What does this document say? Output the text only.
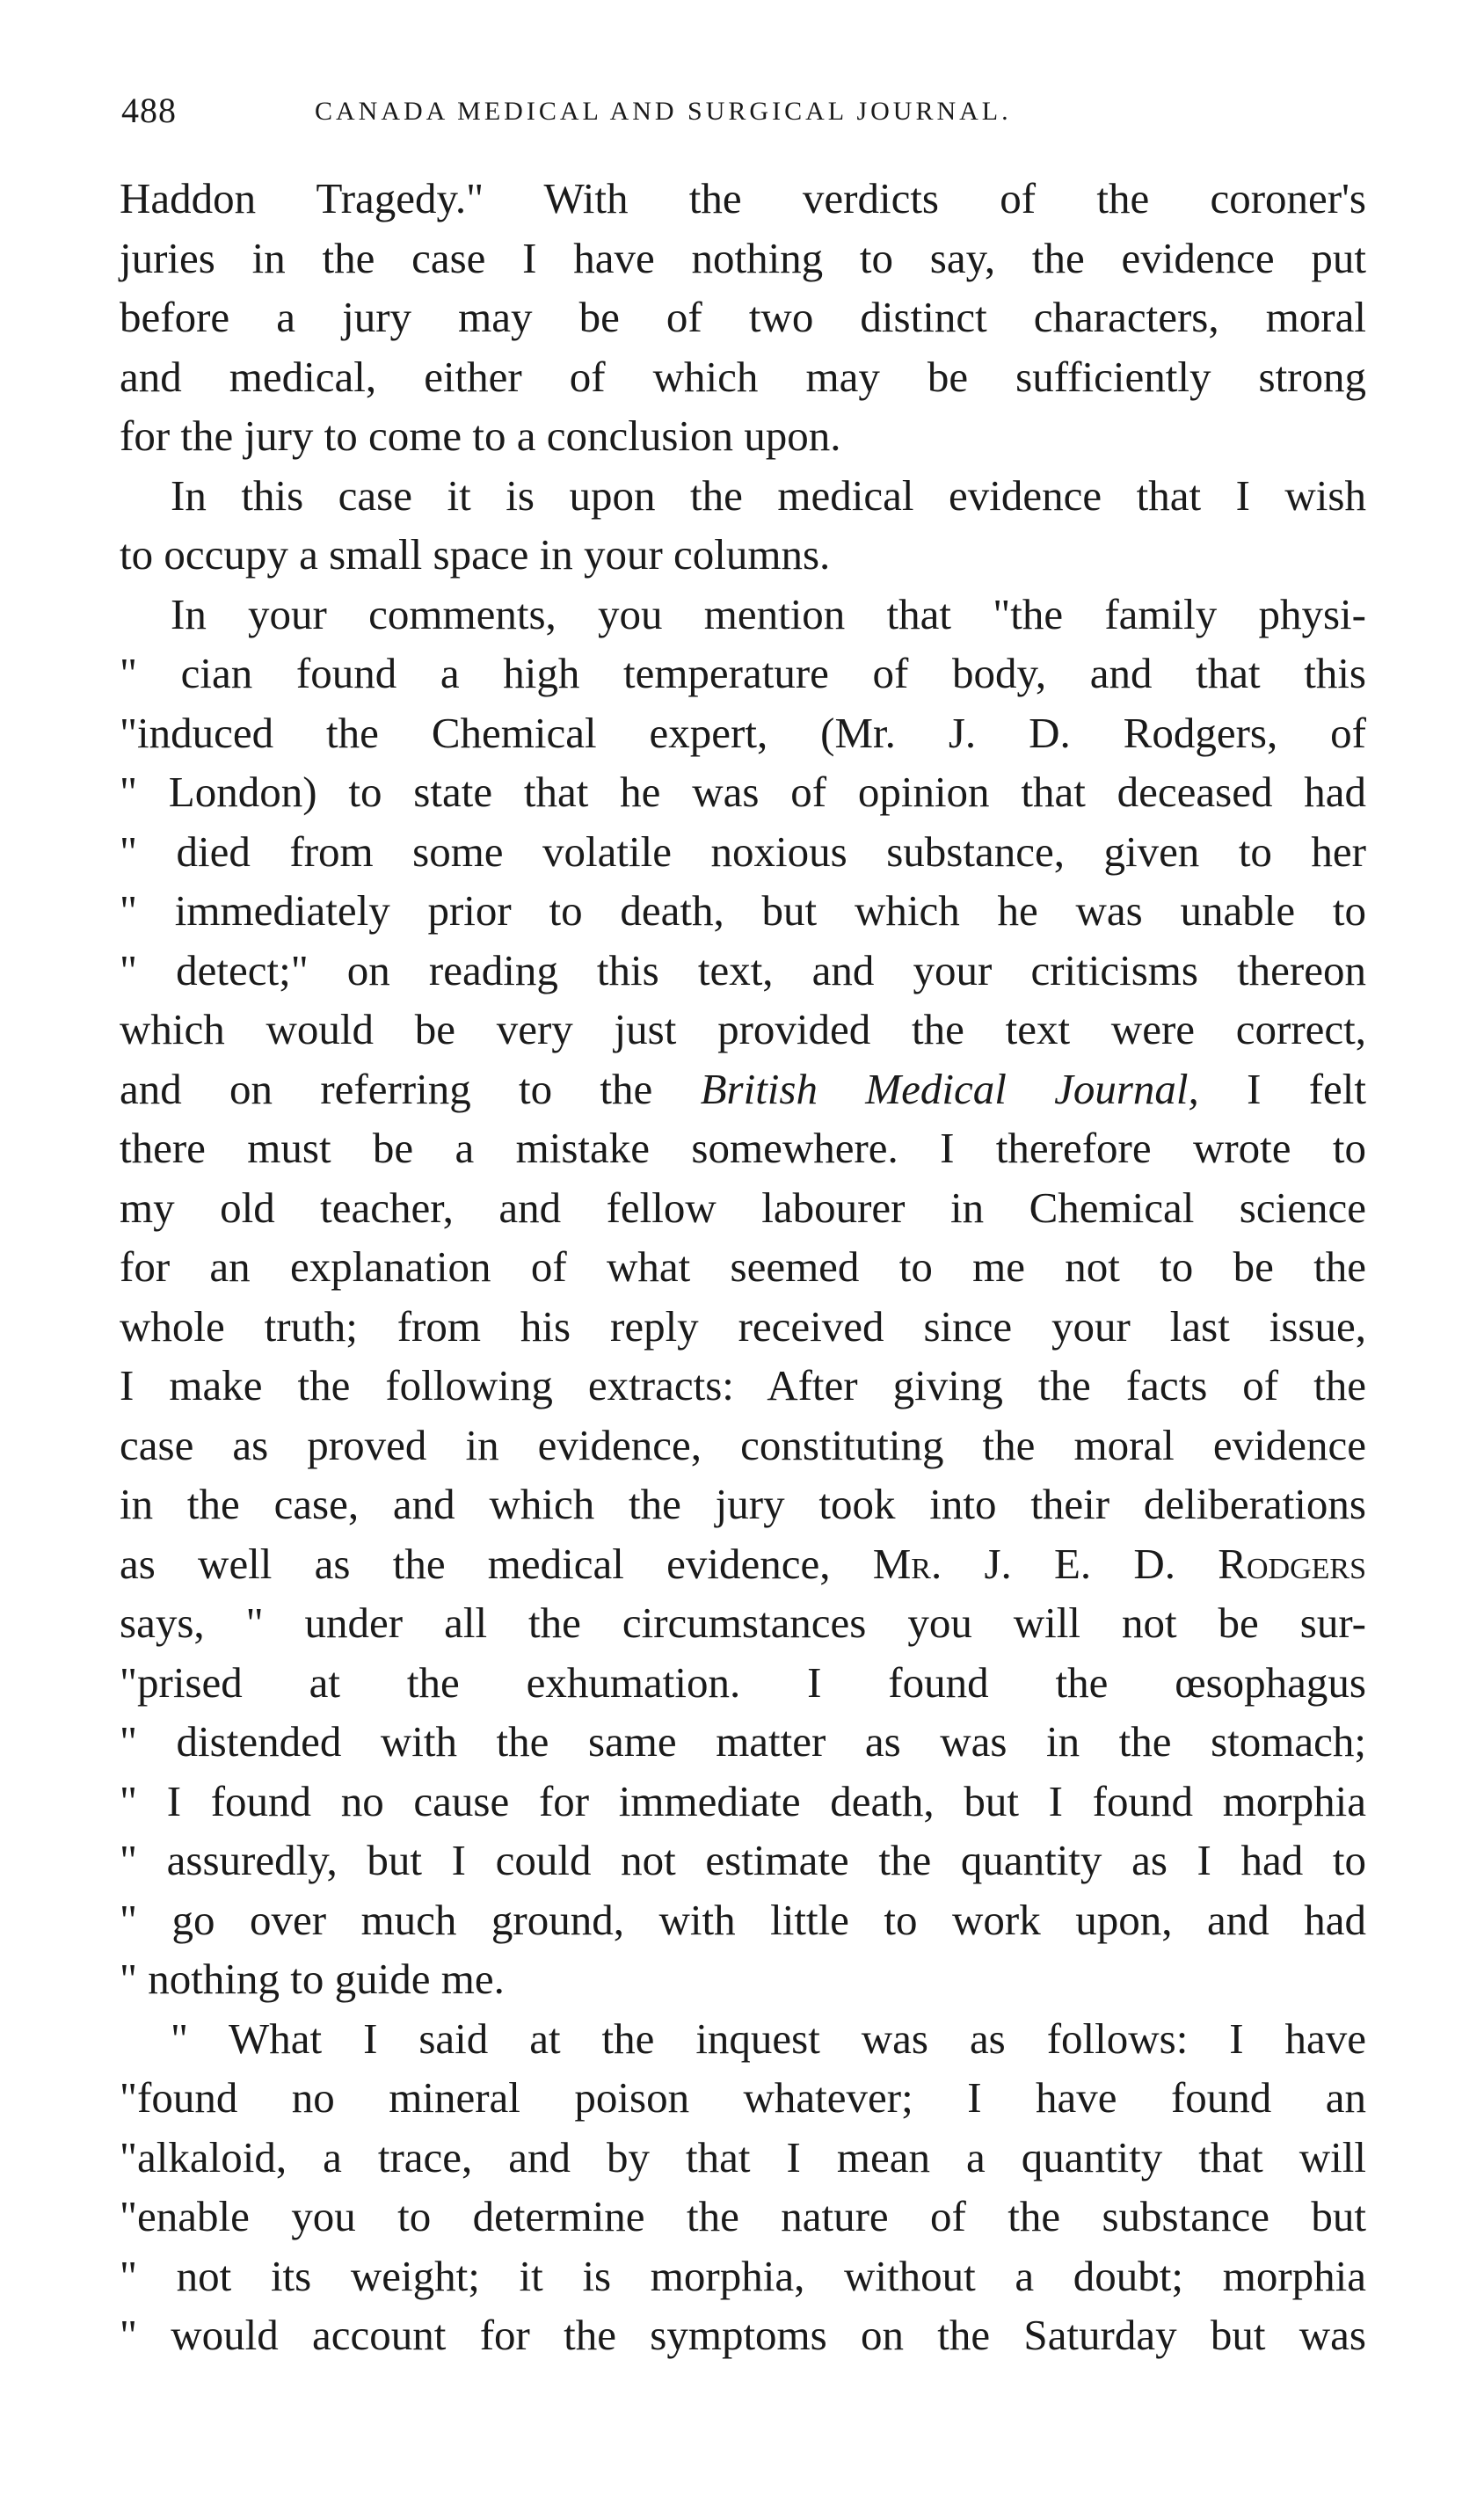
488	CANADA MEDICAL AND SURGICAL JOURNAL.
Haddon Tragedy." With the verdicts of the coroner's
juries in the case I have nothing to say, the evidence put
before a jury may be of two distinct characters, moral
and medical, either of which may be sufficiently strong
for the jury to come to a conclusion upon.
In this case it is upon the medical evidence that I wish
to occupy a small space in your columns.
In your comments, you mention that "the family physi-
" cian found a high temperature of body, and that this
"induced the Chemical expert, (Mr. J. D. Rodgers, of
" London) to state that he was of opinion that deceased had
" died from some volatile noxious substance, given to her
" immediately prior to death, but which he was unable to
" detect;" on reading this text, and your criticisms thereon
which would be very just provided the text were correct,
and on referring to the British Medical Journal, I felt
there must be a mistake somewhere. I therefore wrote to
my old teacher, and fellow labourer in Chemical science
for an explanation of what seemed to me not to be the
whole truth; from his reply received since your last issue,
I make the following extracts: After giving the facts of the
case as proved in evidence, constituting the moral evidence
in the case, and which the jury took into their deliberations
as well as the medical evidence, Mr. J. E. D. Rodgers
says, " under all the circumstances you will not be sur-
"prised at the exhumation. I found the œsophagus
" distended with the same matter as was in the stomach;
" I found no cause for immediate death, but I found morphia
" assuredly, but I could not estimate the quantity as I had to
" go over much ground, with little to work upon, and had
" nothing to guide me.
" What I said at the inquest was as follows: I have
"found no mineral poison whatever; I have found an
"alkaloid, a trace, and by that I mean a quantity that will
"enable you to determine the nature of the substance but
" not its weight; it is morphia, without a doubt; morphia
" would account for the symptoms on the Saturday but was
